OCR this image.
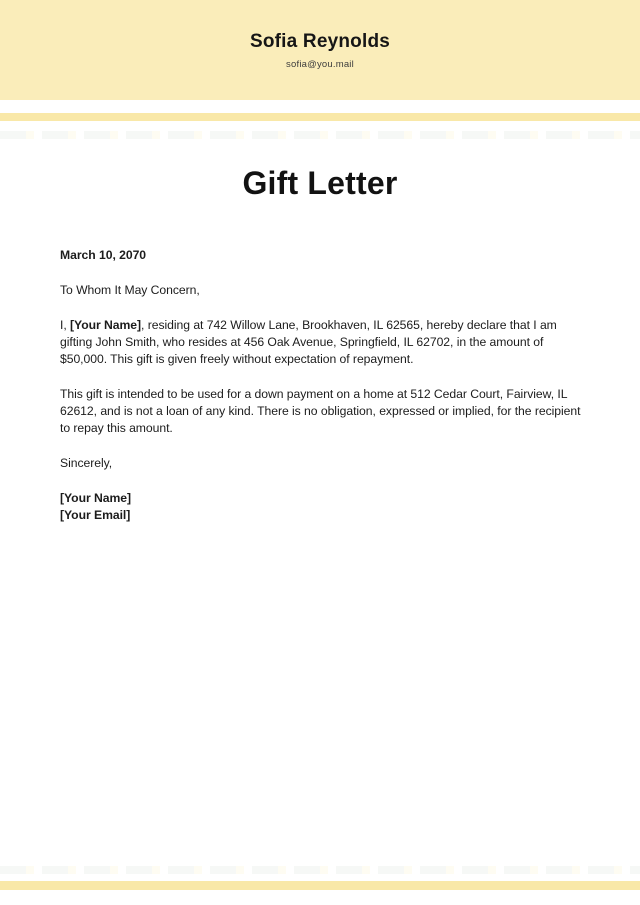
Sofia Reynolds
sofia@you.mail
Gift Letter

March 10, 2070

To Whom It May Concern,

I, [Your Name], residing at 742 Willow Lane, Brookhaven, IL 62565, hereby declare that I am gifting John Smith, who resides at 456 Oak Avenue, Springfield, IL 62702, in the amount of $50,000. This gift is given freely without expectation of repayment.

This gift is intended to be used for a down payment on a home at 512 Cedar Court, Fairview, IL 62612, and is not a loan of any kind. There is no obligation, expressed or implied, for the recipient to repay this amount.

Sincerely,

[Your Name]
[Your Email]
